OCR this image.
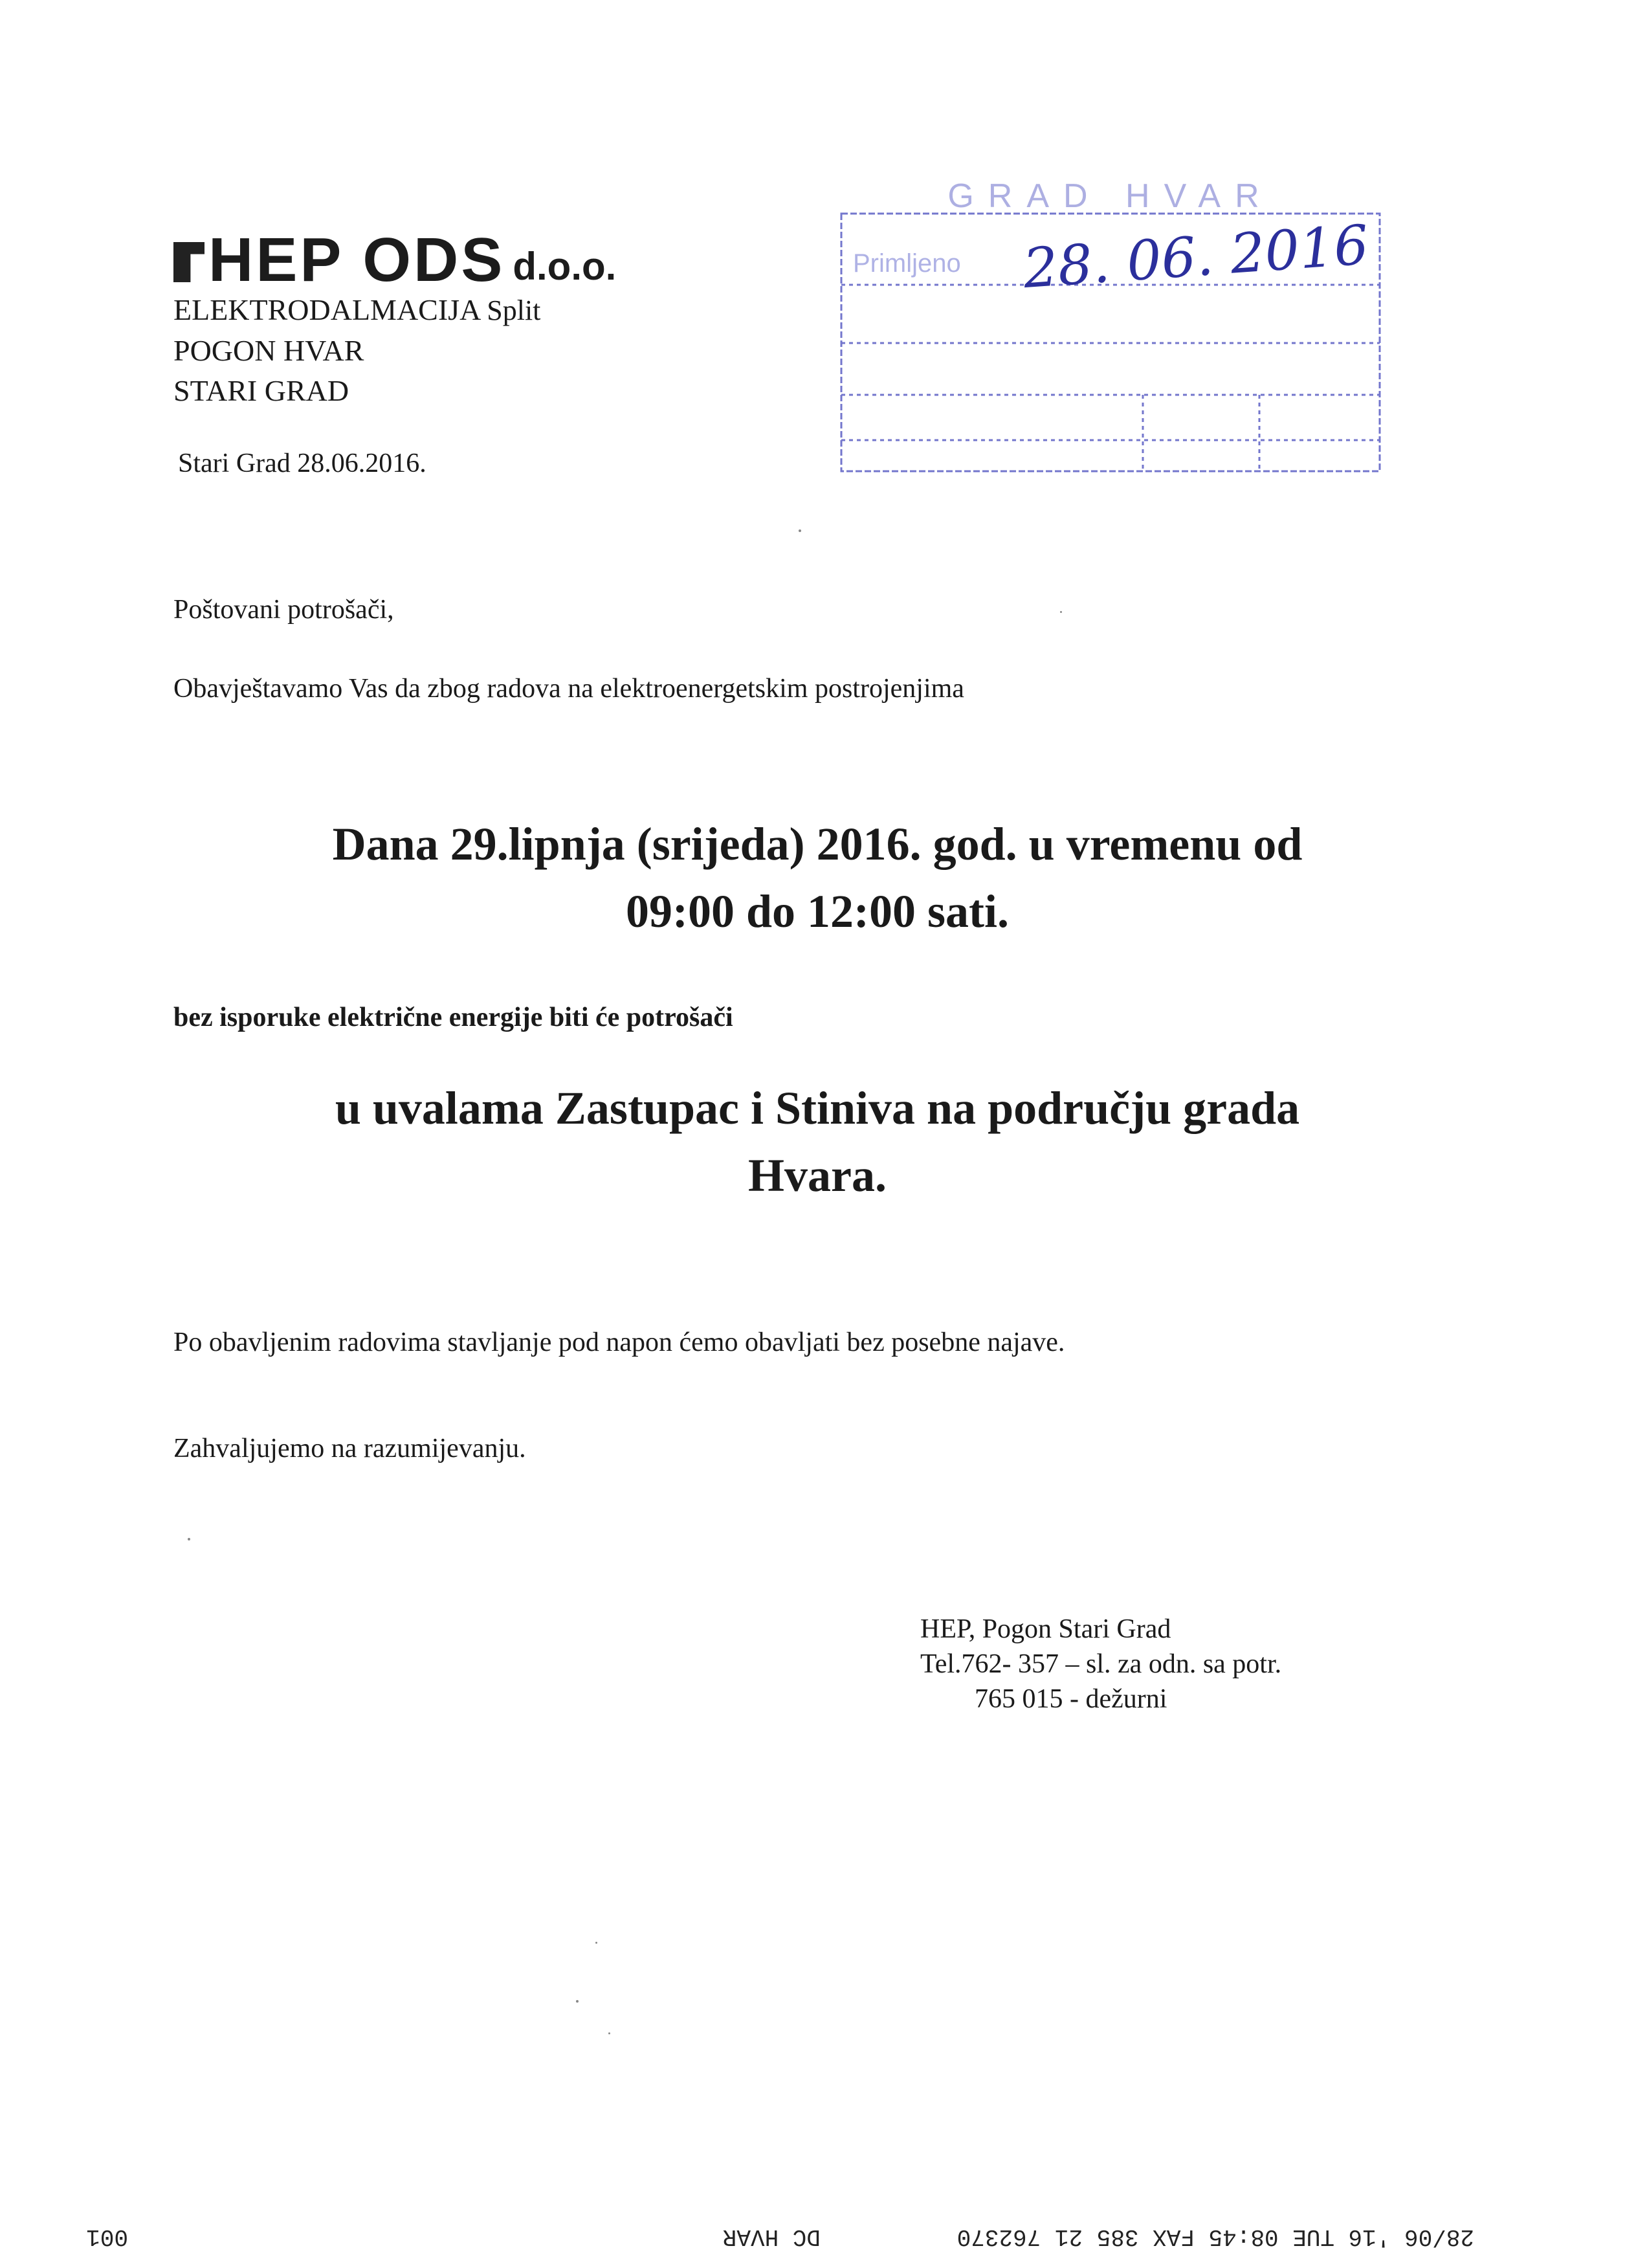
HEP ODS d.o.o.
ELEKTRODALMACIJA Split
POGON HVAR
STARI GRAD
Stari Grad 28.06.2016.
GRAD HVAR
Primljeno 28. 06. 2016
Poštovani potrošači,
Obavještavamo Vas da zbog radova na elektroenergetskim postrojenjima
Dana 29.lipnja (srijeda) 2016. god. u vremenu od
09:00 do 12:00 sati.
bez isporuke električne energije biti će potrošači
u uvalama Zastupac i Stiniva na području grada
Hvara.
Po obavljenim radovima stavljanje pod napon ćemo obavljati bez posebne najave.
Zahvaljujemo na razumijevanju.
HEP, Pogon Stari Grad
Tel.762- 357 – sl. za odn. sa potr.
765 015 - dežurni
28/06 '16 TUE 08:45 FAX 385 21 762370
DC HVAR
001
